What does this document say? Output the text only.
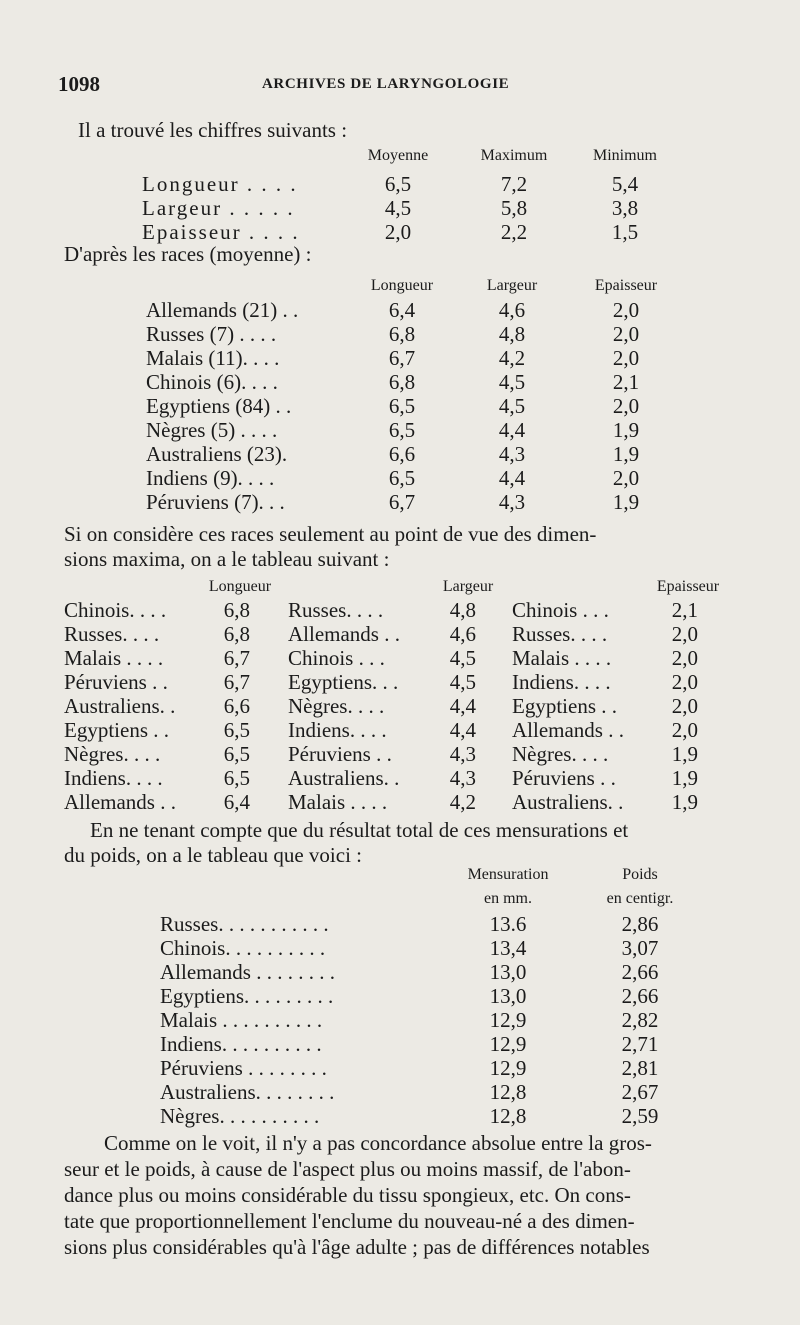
1098	ARCHIVES DE LARYNGOLOGIE
Il a trouvé les chiffres suivants :
Moyenne	Maximum	Minimum
Longueur . . . .	6,5	7,2	5,4
Largeur . . . . .	4,5	5,8	3,8
Epaisseur . . . .	2,0	2,2	1,5
D'après les races (moyenne) :
Longueur	Largeur	Epaisseur
Allemands (21) . .	6,4	4,6	2,0
Russes (7) . . . .	6,8	4,8	2,0
Malais (11). . . .	6,7	4,2	2,0
Chinois (6). . . .	6,8	4,5	2,1
Egyptiens (84) . .	6,5	4,5	2,0
Nègres (5) . . . .	6,5	4,4	1,9
Australiens (23).	6,6	4,3	1,9
Indiens (9). . . .	6,5	4,4	2,0
Péruviens (7). . .	6,7	4,3	1,9
Si on considère ces races seulement au point de vue des dimen-
sions maxima, on a le tableau suivant :
Longueur	Largeur	Epaisseur
Chinois. . . .	6,8 Russes. . . .	4,8 Chinois . . .	2,1
Russes. . . .	6,8 Allemands . .	4,6 Russes. . . .	2,0
Malais . . . .	6,7 Chinois . . .	4,5 Malais . . . .	2,0
Péruviens . .	6,7 Egyptiens. . .	4,5 Indiens. . . .	2,0
Australiens. .	6,6 Nègres. . . .	4,4 Egyptiens . .	2,0
Egyptiens . .	6,5 Indiens. . . .	4,4 Allemands . .	2,0
Nègres. . . .	6,5 Péruviens . .	4,3 Nègres. . . .	1,9
Indiens. . . .	6,5 Australiens. .	4,3 Péruviens . .	1,9
Allemands . .	6,4 Malais . . . .	4,2 Australiens. .	1,9
En ne tenant compte que du résultat total de ces mensurations et
du poids, on a le tableau que voici :
Mensuration	Poids
en mm.	en centigr.
Russes. . . . . . . . . . .	13.6	2,86
Chinois. . . . . . . . . .	13,4	3,07
Allemands . . . . . . . .	13,0	2,66
Egyptiens. . . . . . . . .	13,0	2,66
Malais . . . . . . . . . .	12,9	2,82
Indiens. . . . . . . . . .	12,9	2,71
Péruviens . . . . . . . .	12,9	2,81
Australiens. . . . . . . .	12,8	2,67
Nègres. . . . . . . . . .	12,8	2,59
Comme on le voit, il n'y a pas concordance absolue entre la gros-
seur et le poids, à cause de l'aspect plus ou moins massif, de l'abon-
dance plus ou moins considérable du tissu spongieux, etc. On cons-
tate que proportionnellement l'enclume du nouveau-né a des dimen-
sions plus considérables qu'à l'âge adulte ; pas de différences notables
